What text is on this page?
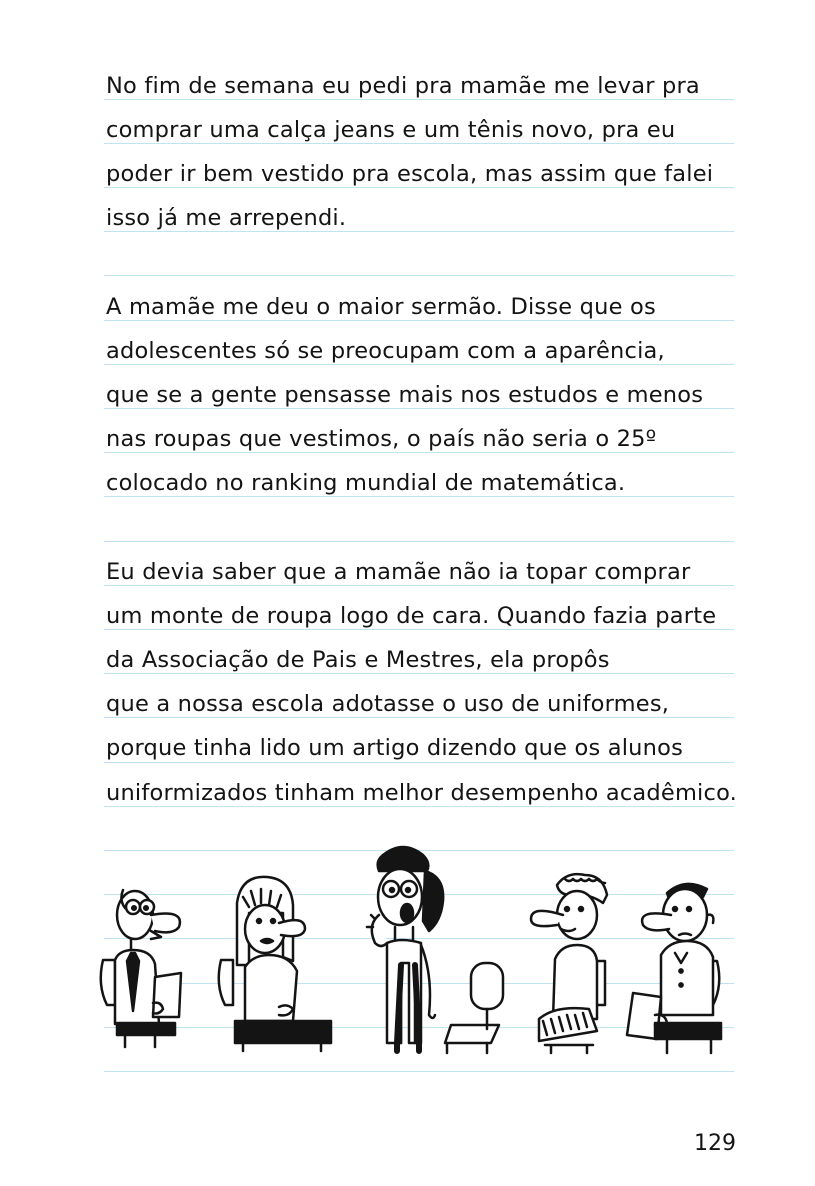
No fim de semana eu pedi pra mamãe me levar pra
comprar uma calça jeans e um tênis novo, pra eu
poder ir bem vestido pra escola, mas assim que falei
isso já me arrependi.
A mamãe me deu o maior sermão. Disse que os
adolescentes só se preocupam com a aparência,
que se a gente pensasse mais nos estudos e menos
nas roupas que vestimos, o país não seria o 25º
colocado no ranking mundial de matemática.
Eu devia saber que a mamãe não ia topar comprar
um monte de roupa logo de cara. Quando fazia parte
da Associação de Pais e Mestres, ela propôs
que a nossa escola adotasse o uso de uniformes,
porque tinha lido um artigo dizendo que os alunos
uniformizados tinham melhor desempenho acadêmico.
129
